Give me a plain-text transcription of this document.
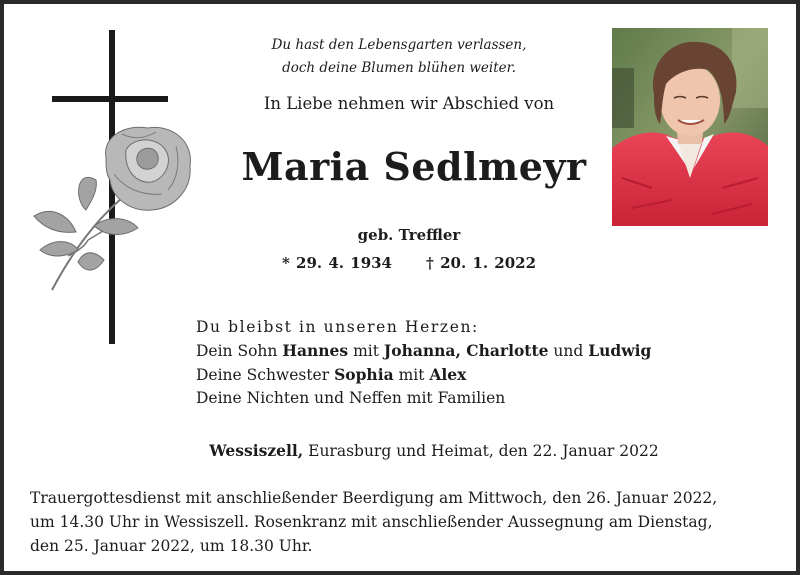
Du hast den Lebensgarten verlassen,
doch deine Blumen blühen weiter.
In Liebe nehmen wir Abschied von
Maria Sedlmeyr
geb. Treffler
* 29. 4. 1934 † 20. 1. 2022
Du bleibst in unseren Herzen:
Dein Sohn Hannes mit Johanna, Charlotte und Ludwig
Deine Schwester Sophia mit Alex
Deine Nichten und Neffen mit Familien
Wessiszell, Eurasburg und Heimat, den 22. Januar 2022
Trauergottesdienst mit anschließender Beerdigung am Mittwoch, den 26. Januar 2022,
um 14.30 Uhr in Wessiszell. Rosenkranz mit anschließender Aussegnung am Dienstag,
den 25. Januar 2022, um 18.30 Uhr.
